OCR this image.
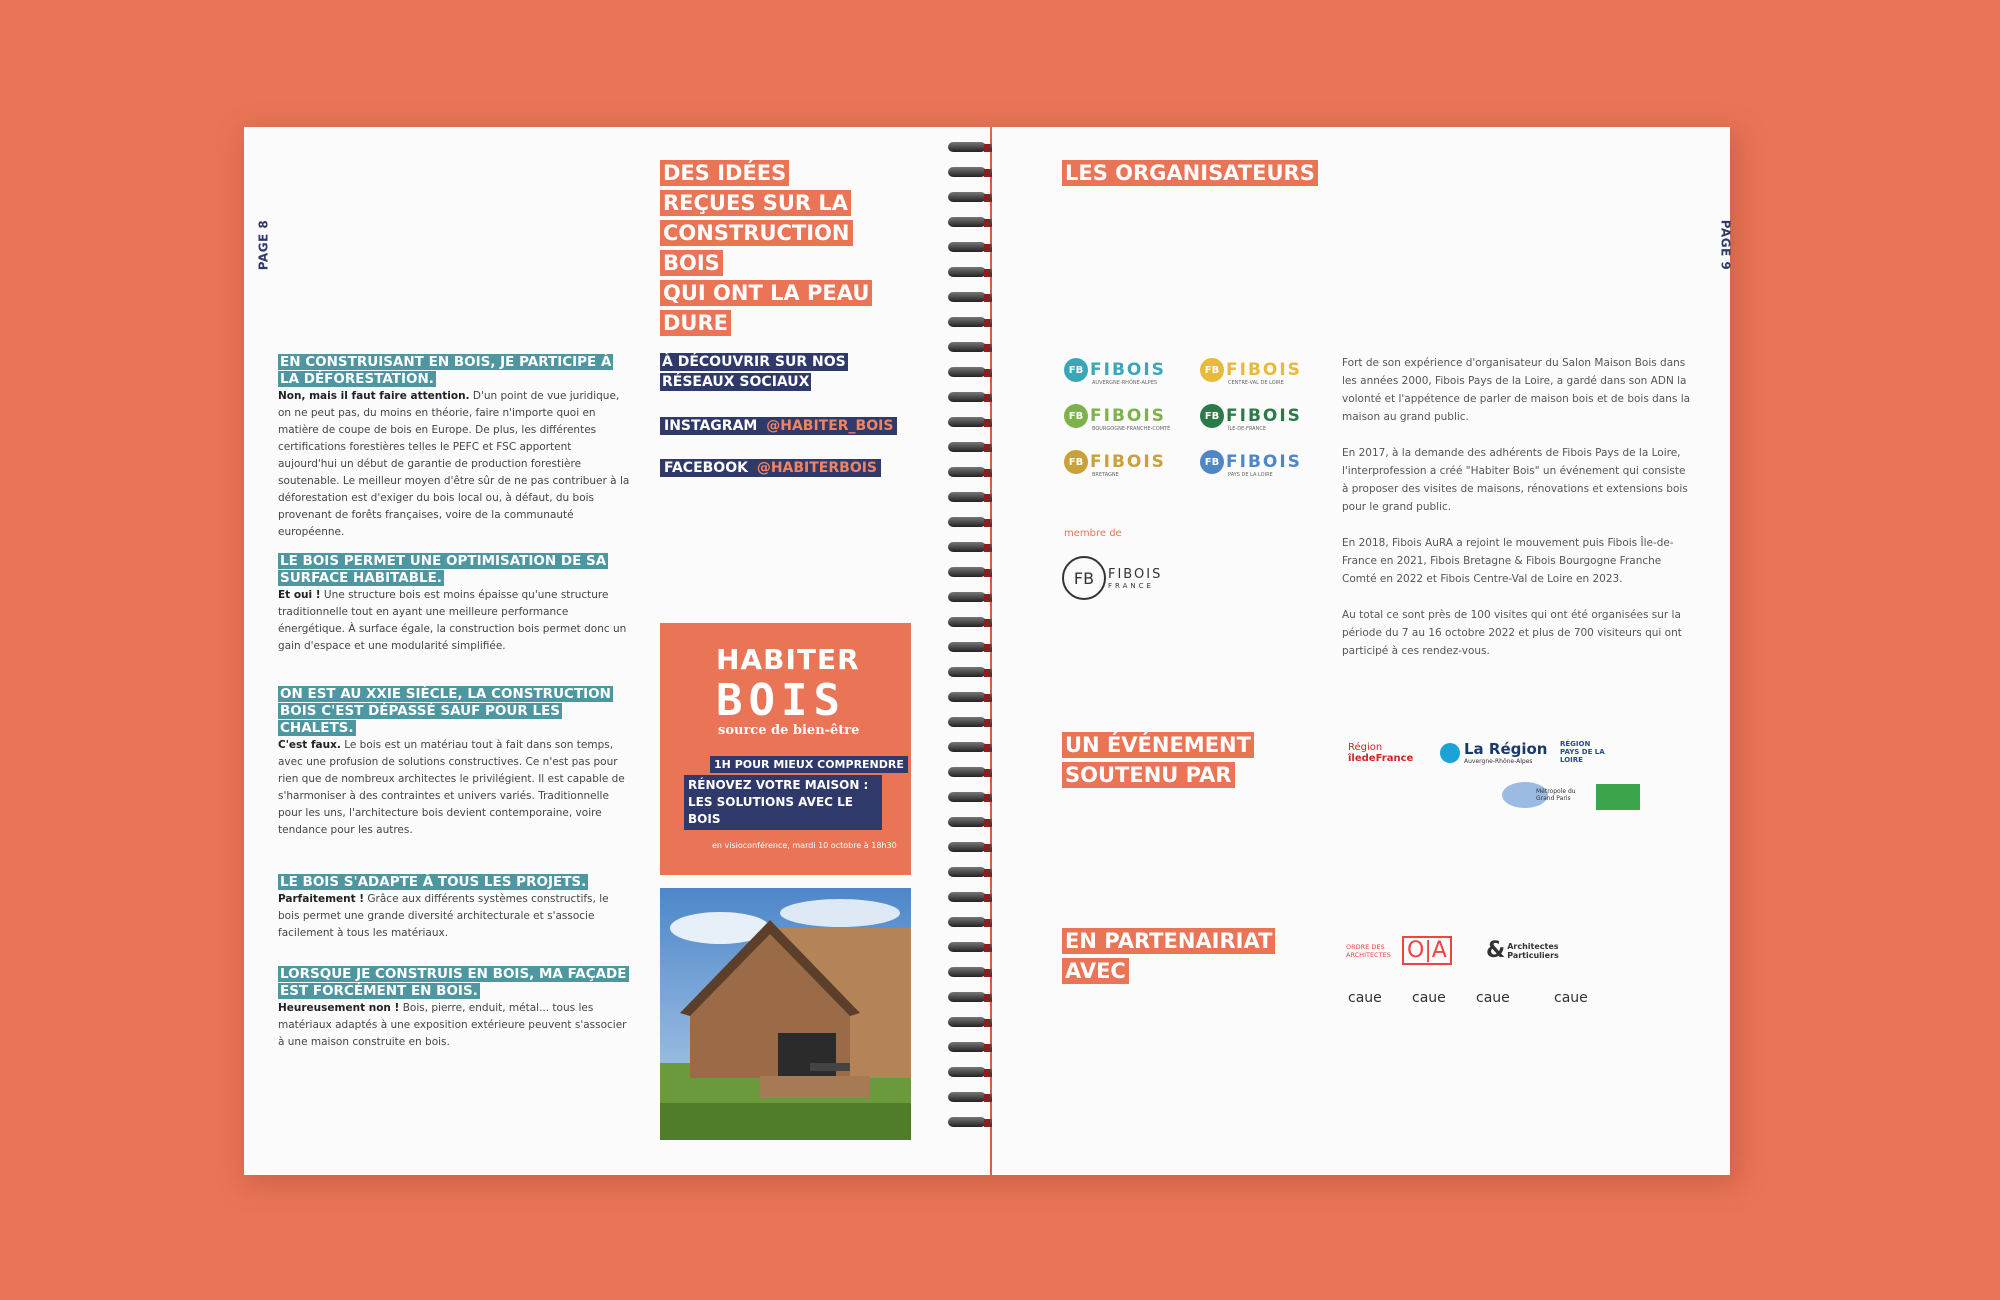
PAGE 8
DES IDÉES
REÇUES SUR LA
CONSTRUCTION BOIS
QUI ONT LA PEAU
DURE
À DÉCOUVRIR SUR NOS
RÉSEAUX SOCIAUX
INSTAGRAM @HABITER_BOIS
FACEBOOK @HABITERBOIS
EN CONSTRUISANT EN BOIS, JE PARTICIPE À LA DÉFORESTATION.
Non, mais il faut faire attention. D'un point de vue juridique, on ne peut pas, du moins en théorie, faire n'importe quoi en matière de coupe de bois en Europe. De plus, les différentes certifications forestières telles le PEFC et FSC apportent aujourd'hui un début de garantie de production forestière soutenable. Le meilleur moyen d'être sûr de ne pas contribuer à la déforestation est d'exiger du bois local ou, à défaut, du bois provenant de forêts françaises, voire de la communauté européenne.
LE BOIS PERMET UNE OPTIMISATION DE SA SURFACE HABITABLE.
Et oui ! Une structure bois est moins épaisse qu'une structure traditionnelle tout en ayant une meilleure performance énergétique. À surface égale, la construction bois permet donc un gain d'espace et une modularité simplifiée.
ON EST AU XXIE SIÈCLE, LA CONSTRUCTION BOIS C'EST DÉPASSÉ SAUF POUR LES CHALETS.
C'est faux. Le bois est un matériau tout à fait dans son temps, avec une profusion de solutions constructives. Ce n'est pas pour rien que de nombreux architectes le privilégient. Il est capable de s'harmoniser à des contraintes et univers variés. Traditionnelle pour les uns, l'architecture bois devient contemporaine, voire tendance pour les autres.
LE BOIS S'ADAPTE À TOUS LES PROJETS.
Parfaitement ! Grâce aux différents systèmes constructifs, le bois permet une grande diversité architecturale et s'associe facilement à tous les matériaux.
LORSQUE JE CONSTRUIS EN BOIS, MA FAÇADE EST FORCÉMENT EN BOIS.
Heureusement non ! Bois, pierre, enduit, métal... tous les matériaux adaptés à une exposition extérieure peuvent s'associer à une maison construite en bois.
HABITER
BOIS
source de bien-être
1H POUR MIEUX COMPRENDRE
RÉNOVEZ VOTRE MAISON : LES SOLUTIONS AVEC LE BOIS
en visioconférence, mardi 10 octobre à 18h30
PAGE 9
LES ORGANISATEURS
FB FIBOIS
AUVERGNE-RHÔNE-ALPES
FB FIBOIS
CENTRE-VAL DE LOIRE
FB FIBOIS
BOURGOGNE-FRANCHE-COMTÉ
FB FIBOIS
ÎLE-DE-FRANCE
FB FIBOIS
BRETAGNE
FB FIBOIS
PAYS DE LA LOIRE
membre de
FB	FIBOIS
FRANCE
Fort de son expérience d'organisateur du Salon Maison Bois dans les années 2000, Fibois Pays de la Loire, a gardé dans son ADN la volonté et l'appétence de parler de maison bois et de bois dans la maison au grand public.
En 2017, à la demande des adhérents de Fibois Pays de la Loire, l'interprofession a créé "Habiter Bois" un événement qui consiste à proposer des visites de maisons, rénovations et extensions bois pour le grand public.
En 2018, Fibois AuRA a rejoint le mouvement puis Fibois Île-de-France en 2021, Fibois Bretagne & Fibois Bourgogne Franche Comté en 2022 et Fibois Centre-Val de Loire en 2023.
Au total ce sont près de 100 visites qui ont été organisées sur la période du 7 au 16 octobre 2022 et plus de 700 visiteurs qui ont participé à ces rendez-vous.
UN ÉVÉNEMENT
SOUTENU PAR
Région
îledeFrance
La Région
Auvergne-Rhône-Alpes
RÉGION PAYS DE LA LOIRE
Métropole du Grand Paris
EN PARTENAIRIAT
AVEC
ORDRE DES ARCHITECTES O|A & Architectes Particuliers
caue caue caue	caue
